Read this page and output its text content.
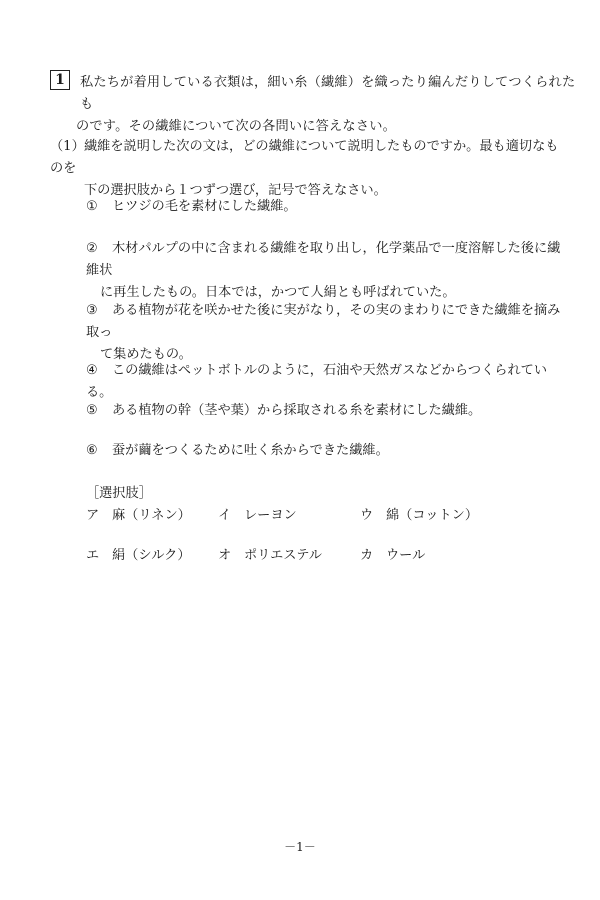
1	私たちが着用している衣類は，細い糸（繊維）を織ったり編んだりしてつくられたも
のです。その繊維について次の各問いに答えなさい。
（1）繊維を説明した次の文は，どの繊維について説明したものですか。最も適切なものを
下の選択肢から１つずつ選び，記号で答えなさい。
① ヒツジの毛を素材にした繊維。
② 木材パルプの中に含まれる繊維を取り出し，化学薬品で一度溶解した後に繊維状
に再生したもの。日本では，かつて人絹とも呼ばれていた。
③ ある植物が花を咲かせた後に実がなり，その実のまわりにできた繊維を摘み取っ
て集めたもの。
④ この繊維はペットボトルのように，石油や天然ガスなどからつくられている。
⑤ ある植物の幹（茎や葉）から採取される糸を素材にした繊維。
⑥ 蚕が繭をつくるために吐く糸からできた繊維。
［選択肢］
ア 麻（リネン） イ レーヨン	ウ 綿（コットン）
エ 絹（シルク） オ ポリエステル	カ ウール
－1－
